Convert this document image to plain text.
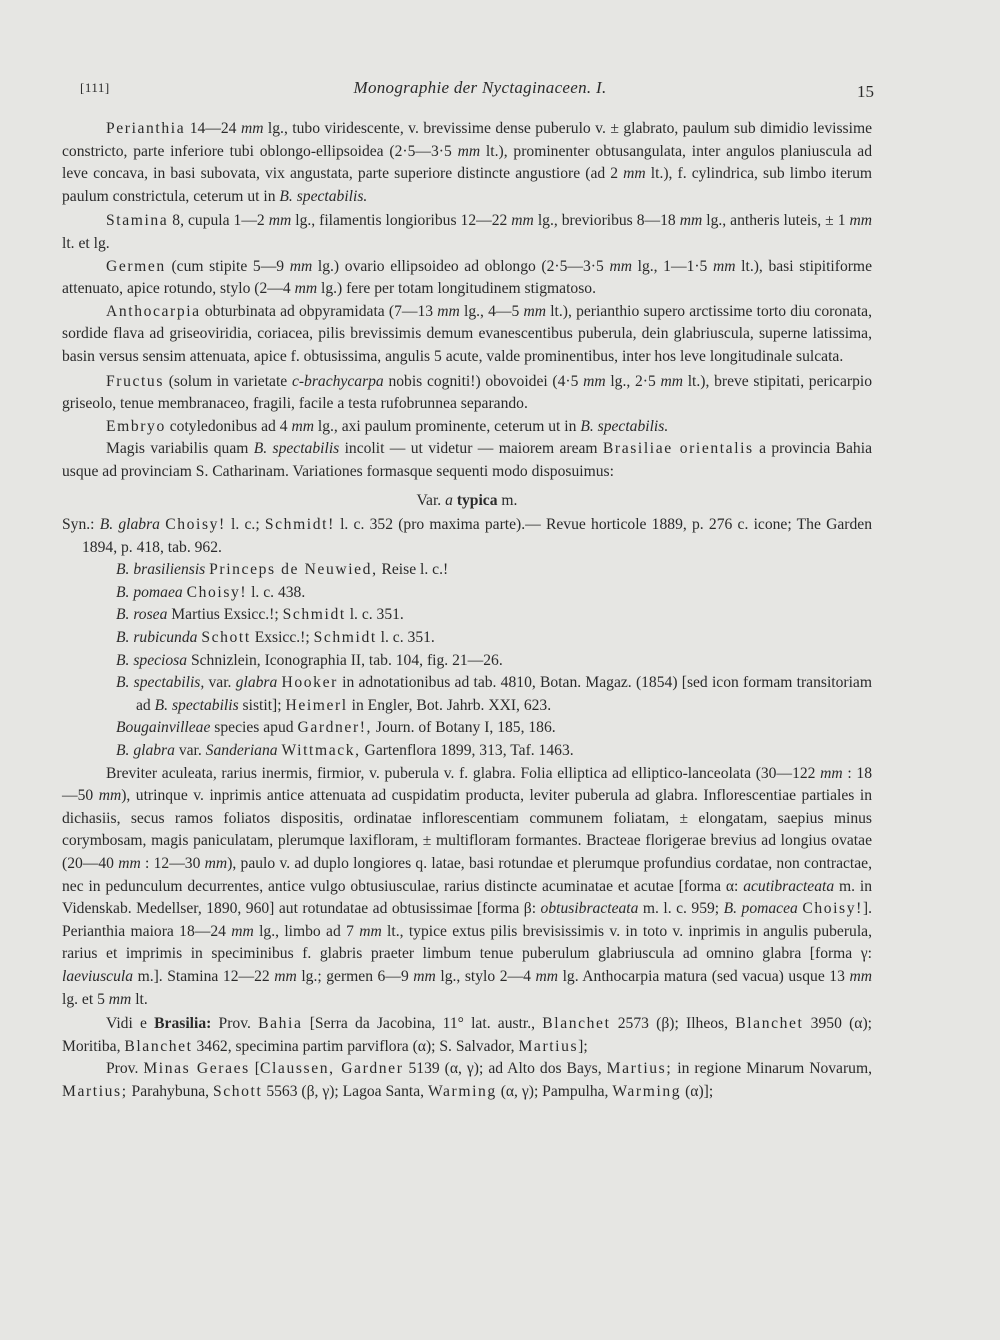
[111]	Monographie der Nyctaginaceen. I.	15

Perianthia 14—24 mm lg., tubo viridescente, v. brevissime dense puberulo v. ± glabrato, paulum sub dimidio levissime constricto, parte inferiore tubi oblongo-ellipsoidea (2·5—3·5 mm lt.), prominenter obtusangulata, inter angulos planiuscula ad leve concava, in basi subovata, vix angustata, parte superiore distincte angustiore (ad 2 mm lt.), f. cylindrica, sub limbo iterum paulum constrictula, ceterum ut in B. spectabilis.

Stamina 8, cupula 1—2 mm lg., filamentis longioribus 12—22 mm lg., brevioribus 8—18 mm lg., antheris luteis, ± 1 mm lt. et lg.

Germen (cum stipite 5—9 mm lg.) ovario ellipsoideo ad oblongo (2·5—3·5 mm lg., 1—1·5 mm lt.), basi stipitiforme attenuato, apice rotundo, stylo (2—4 mm lg.) fere per totam longitudinem stigmatoso.

Anthocarpia obturbinata ad obpyramidata (7—13 mm lg., 4—5 mm lt.), perianthio supero arctissime torto diu coronata, sordide flava ad griseoviridia, coriacea, pilis brevissimis demum evanescentibus puberula, dein glabriuscula, superne latissima, basin versus sensim attenuata, apice f. obtusissima, angulis 5 acute, valde prominentibus, inter hos leve longitudinale sulcata.

Fructus (solum in varietate c-brachycarpa nobis cogniti!) obovoidei (4·5 mm lg., 2·5 mm lt.), breve stipitati, pericarpio griseolo, tenue membranaceo, fragili, facile a testa rufobrunnea separando.

Embryo cotyledonibus ad 4 mm lg., axi paulum prominente, ceterum ut in B. spectabilis.

Magis variabilis quam B. spectabilis incolit — ut videtur — maiorem aream Brasiliae orientalis a provincia Bahia usque ad provinciam S. Catharinam. Variationes formasque sequenti modo disposuimus:

Var. a typica m.

Syn.: B. glabra Choisy! l. c.; Schmidt! l. c. 352 (pro maxima parte).— Revue horticole 1889, p. 276 c. icone; The Garden 1894, p. 418, tab. 962.

B. brasiliensis Princeps de Neuwied, Reise l. c.!

B. pomaea Choisy! l. c. 438.

B. rosea Martius Exsicc.!; Schmidt l. c. 351.

B. rubicunda Schott Exsicc.!; Schmidt l. c. 351.

B. speciosa Schnizlein, Iconographia II, tab. 104, fig. 21—26.

B. spectabilis, var. glabra Hooker in adnotationibus ad tab. 4810, Botan. Magaz. (1854) [sed icon formam transitoriam ad B. spectabilis sistit]; Heimerl in Engler, Bot. Jahrb. XXI, 623.

Bougainvilleae species apud Gardner!, Journ. of Botany I, 185, 186.

B. glabra var. Sanderiana Wittmack, Gartenflora 1899, 313, Taf. 1463.

Breviter aculeata, rarius inermis, firmior, v. puberula v. f. glabra. Folia elliptica ad elliptico-lanceolata (30—122 mm : 18—50 mm), utrinque v. inprimis antice attenuata ad cuspidatim producta, leviter puberula ad glabra. Inflorescentiae partiales in dichasiis, secus ramos foliatos dispositis, ordinatae inflorescentiam communem foliatam, ± elongatam, saepius minus corymbosam, magis paniculatam, plerumque laxifloram, ± multifloram formantes. Bracteae florigerae brevius ad longius ovatae (20—40 mm : 12—30 mm), paulo v. ad duplo longiores q. latae, basi rotundae et plerumque profundius cordatae, non contractae, nec in pedunculum decurrentes, antice vulgo obtusiusculae, rarius distincte acuminatae et acutae [forma α: acutibracteata m. in Videnskab. Medellser, 1890, 960] aut rotundatae ad obtusissimae [forma β: obtusibracteata m. l. c. 959; B. pomacea Choisy!]. Perianthia maiora 18—24 mm lg., limbo ad 7 mm lt., typice extus pilis brevisissimis v. in toto v. inprimis in angulis puberula, rarius et imprimis in speciminibus f. glabris praeter limbum tenue puberulum glabriuscula ad omnino glabra [forma γ: laeviuscula m.]. Stamina 12—22 mm lg.; germen 6—9 mm lg., stylo 2—4 mm lg. Anthocarpia matura (sed vacua) usque 13 mm lg. et 5 mm lt.

Vidi e Brasilia: Prov. Bahia [Serra da Jacobina, 11° lat. austr., Blanchet 2573 (β); Ilheos, Blanchet 3950 (α); Moritiba, Blanchet 3462, specimina partim parviflora (α); S. Salvador, Martius];

Prov. Minas Geraes [Claussen, Gardner 5139 (α, γ); ad Alto dos Bays, Martius; in regione Minarum Novarum, Martius; Parahybuna, Schott 5563 (β, γ); Lagoa Santa, Warming (α, γ); Pampulha, Warming (α)];
